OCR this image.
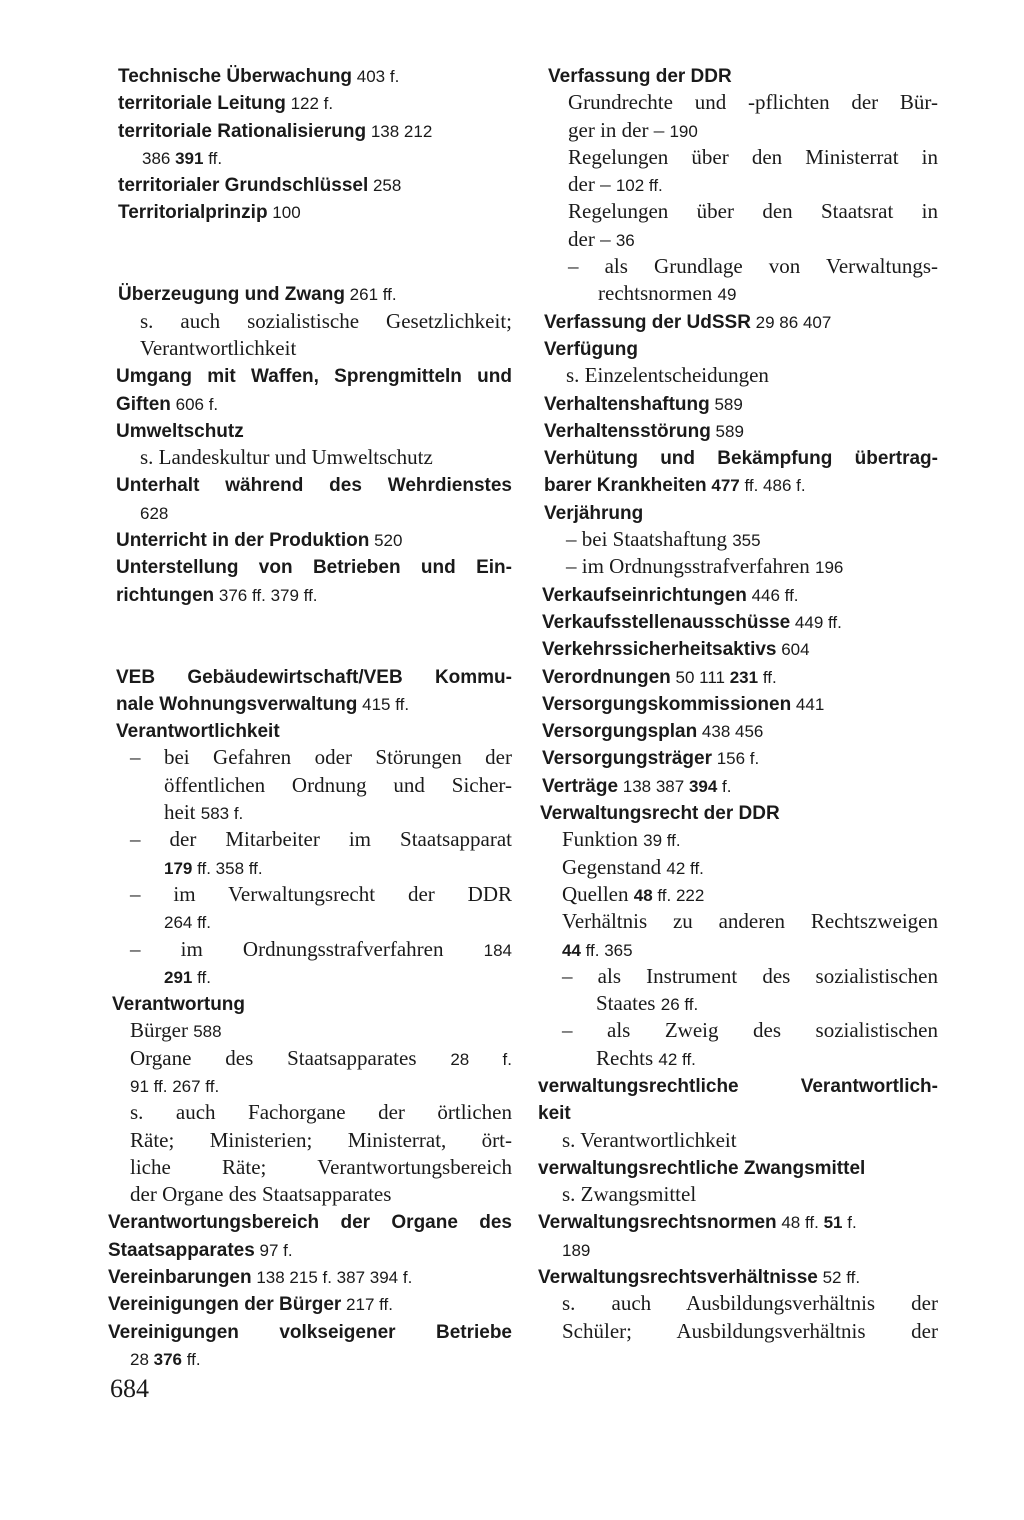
Technische Überwachung 403 f.
territoriale Leitung 122 f.
territoriale Rationalisierung 138 212
386 391 ff.
territorialer Grundschlüssel 258
Territorialprinzip 100
Überzeugung und Zwang 261 ff.
s. auch sozialistische Gesetzlichkeit;
Verantwortlichkeit
Umgang mit Waffen, Sprengmitteln und
Giften 606 f.
Umweltschutz
s. Landeskultur und Umweltschutz
Unterhalt während des Wehrdienstes
628
Unterricht in der Produktion 520
Unterstellung von Betrieben und Ein-
richtungen 376 ff. 379 ff.
VEB Gebäudewirtschaft/VEB Kommu-
nale Wohnungsverwaltung 415 ff.
Verantwortlichkeit
– bei Gefahren oder Störungen der
öffentlichen Ordnung und Sicher-
heit 583 f.
– der Mitarbeiter im Staatsapparat
179 ff. 358 ff.
– im Verwaltungsrecht der DDR
264 ff.
– im Ordnungsstrafverfahren 184
291 ff.
Verantwortung
Bürger 588
Organe des Staatsapparates 28 f.
91 ff. 267 ff.
s. auch Fachorgane der örtlichen
Räte; Ministerien; Ministerrat, ört-
liche Räte; Verantwortungsbereich
der Organe des Staatsapparates
Verantwortungsbereich der Organe des
Staatsapparates 97 f.
Vereinbarungen 138 215 f. 387 394 f.
Vereinigungen der Bürger 217 ff.
Vereinigungen volkseigener Betriebe
28 376 ff.
Verfassung der DDR
Grundrechte und -pflichten der Bür-
ger in der – 190
Regelungen über den Ministerrat in
der – 102 ff.
Regelungen über den Staatsrat in
der – 36
– als Grundlage von Verwaltungs-
rechtsnormen 49
Verfassung der UdSSR 29 86 407
Verfügung
s. Einzelentscheidungen
Verhaltenshaftung 589
Verhaltensstörung 589
Verhütung und Bekämpfung übertrag-
barer Krankheiten 477 ff. 486 f.
Verjährung
– bei Staatshaftung 355
– im Ordnungsstrafverfahren 196
Verkaufseinrichtungen 446 ff.
Verkaufsstellenausschüsse 449 ff.
Verkehrssicherheitsaktivs 604
Verordnungen 50 111 231 ff.
Versorgungskommissionen 441
Versorgungsplan 438 456
Versorgungsträger 156 f.
Verträge 138 387 394 f.
Verwaltungsrecht der DDR
Funktion 39 ff.
Gegenstand 42 ff.
Quellen 48 ff. 222
Verhältnis zu anderen Rechtszweigen
44 ff. 365
– als Instrument des sozialistischen
Staates 26 ff.
– als Zweig des sozialistischen
Rechts 42 ff.
verwaltungsrechtliche Verantwortlich-
keit
s. Verantwortlichkeit
verwaltungsrechtliche Zwangsmittel
s. Zwangsmittel
Verwaltungsrechtsnormen 48 ff. 51 f.
189
Verwaltungsrechtsverhältnisse 52 ff.
s. auch Ausbildungsverhältnis der
Schüler; Ausbildungsverhältnis der
684
